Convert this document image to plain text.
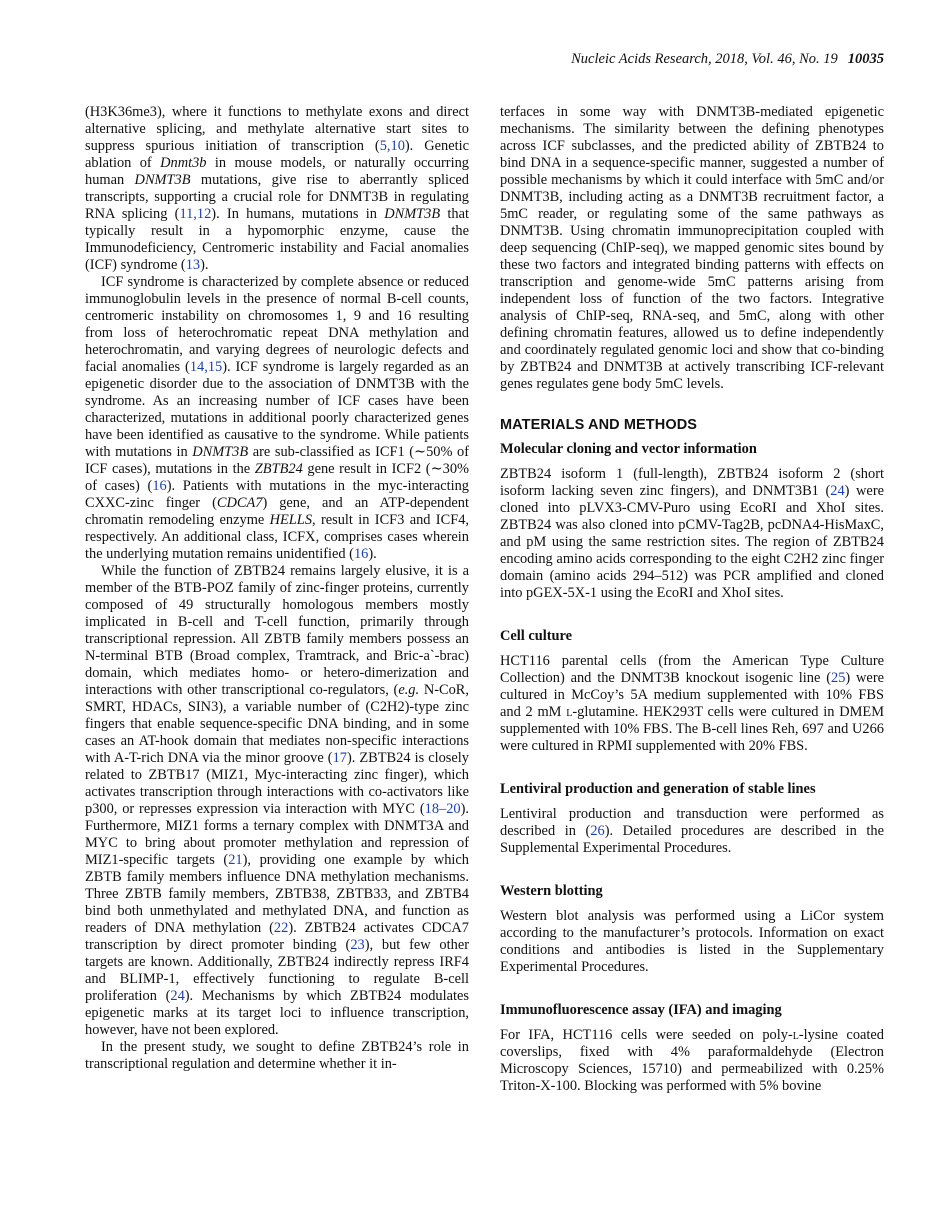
Nucleic Acids Research, 2018, Vol. 46, No. 19 10035

(H3K36me3), where it functions to methylate exons and direct alternative splicing, and methylate alternative start sites to suppress spurious initiation of transcription (5,10). Genetic ablation of Dnmt3b in mouse models, or naturally occurring human DNMT3B mutations, give rise to aberrantly spliced transcripts, supporting a crucial role for DNMT3B in regulating RNA splicing (11,12). In humans, mutations in DNMT3B that typically result in a hypomorphic enzyme, cause the Immunodeficiency, Centromeric instability and Facial anomalies (ICF) syndrome (13).

ICF syndrome is characterized by complete absence or reduced immunoglobulin levels in the presence of normal B-cell counts, centromeric instability on chromosomes 1, 9 and 16 resulting from loss of heterochromatic repeat DNA methylation and heterochromatin, and varying degrees of neurologic defects and facial anomalies (14,15). ICF syndrome is largely regarded as an epigenetic disorder due to the association of DNMT3B with the syndrome. As an increasing number of ICF cases have been characterized, mutations in additional poorly characterized genes have been identified as causative to the syndrome. While patients with mutations in DNMT3B are sub-classified as ICF1 (∼50% of ICF cases), mutations in the ZBTB24 gene result in ICF2 (∼30% of cases) (16). Patients with mutations in the myc-interacting CXXC-zinc finger (CDCA7) gene, and an ATP-dependent chromatin remodeling enzyme HELLS, result in ICF3 and ICF4, respectively. An additional class, ICFX, comprises cases wherein the underlying mutation remains unidentified (16).

While the function of ZBTB24 remains largely elusive, it is a member of the BTB-POZ family of zinc-finger proteins, currently composed of 49 structurally homologous members mostly implicated in B-cell and T-cell function, primarily through transcriptional repression. All ZBTB family members possess an N-terminal BTB (Broad complex, Tramtrack, and Bric-a`-brac) domain, which mediates homo- or hetero-dimerization and interactions with other transcriptional co-regulators, (e.g. N-CoR, SMRT, HDACs, SIN3), a variable number of (C2H2)-type zinc fingers that enable sequence-specific DNA binding, and in some cases an AT-hook domain that mediates non-specific interactions with A-T-rich DNA via the minor groove (17). ZBTB24 is closely related to ZBTB17 (MIZ1, Myc-interacting zinc finger), which activates transcription through interactions with co-activators like p300, or represses expression via interaction with MYC (18–20). Furthermore, MIZ1 forms a ternary complex with DNMT3A and MYC to bring about promoter methylation and repression of MIZ1-specific targets (21), providing one example by which ZBTB family members influence DNA methylation mechanisms. Three ZBTB family members, ZBTB38, ZBTB33, and ZBTB4 bind both unmethylated and methylated DNA, and function as readers of DNA methylation (22). ZBTB24 activates CDCA7 transcription by direct promoter binding (23), but few other targets are known. Additionally, ZBTB24 indirectly repress IRF4 and BLIMP-1, effectively functioning to regulate B-cell proliferation (24). Mechanisms by which ZBTB24 modulates epigenetic marks at its target loci to influence transcription, however, have not been explored.

In the present study, we sought to define ZBTB24’s role in transcriptional regulation and determine whether it in-

terfaces in some way with DNMT3B-mediated epigenetic mechanisms. The similarity between the defining phenotypes across ICF subclasses, and the predicted ability of ZBTB24 to bind DNA in a sequence-specific manner, suggested a number of possible mechanisms by which it could interface with 5mC and/or DNMT3B, including acting as a DNMT3B recruitment factor, a 5mC reader, or regulating some of the same pathways as DNMT3B. Using chromatin immunoprecipitation coupled with deep sequencing (ChIP-seq), we mapped genomic sites bound by these two factors and integrated binding patterns with effects on transcription and genome-wide 5mC patterns arising from independent loss of function of the two factors. Integrative analysis of ChIP-seq, RNA-seq, and 5mC, along with other defining chromatin features, allowed us to define independently and coordinately regulated genomic loci and show that co-binding by ZBTB24 and DNMT3B at actively transcribing ICF-relevant genes regulates gene body 5mC levels.

MATERIALS AND METHODS
Molecular cloning and vector information

ZBTB24 isoform 1 (full-length), ZBTB24 isoform 2 (short isoform lacking seven zinc fingers), and DNMT3B1 (24) were cloned into pLVX3-CMV-Puro using EcoRI and XhoI sites. ZBTB24 was also cloned into pCMV-Tag2B, pcDNA4-HisMaxC, and pM using the same restriction sites. The region of ZBTB24 encoding amino acids corresponding to the eight C2H2 zinc finger domain (amino acids 294–512) was PCR amplified and cloned into pGEX-5X-1 using the EcoRI and XhoI sites.

Cell culture

HCT116 parental cells (from the American Type Culture Collection) and the DNMT3B knockout isogenic line (25) were cultured in McCoy’s 5A medium supplemented with 10% FBS and 2 mM l-glutamine. HEK293T cells were cultured in DMEM supplemented with 10% FBS. The B-cell lines Reh, 697 and U266 were cultured in RPMI supplemented with 20% FBS.

Lentiviral production and generation of stable lines

Lentiviral production and transduction were performed as described in (26). Detailed procedures are described in the Supplemental Experimental Procedures.

Western blotting

Western blot analysis was performed using a LiCor system according to the manufacturer’s protocols. Information on exact conditions and antibodies is listed in the Supplementary Experimental Procedures.

Immunofluorescence assay (IFA) and imaging

For IFA, HCT116 cells were seeded on poly-l-lysine coated coverslips, fixed with 4% paraformaldehyde (Electron Microscopy Sciences, 15710) and permeabilized with 0.25% Triton-X-100. Blocking was performed with 5% bovine
